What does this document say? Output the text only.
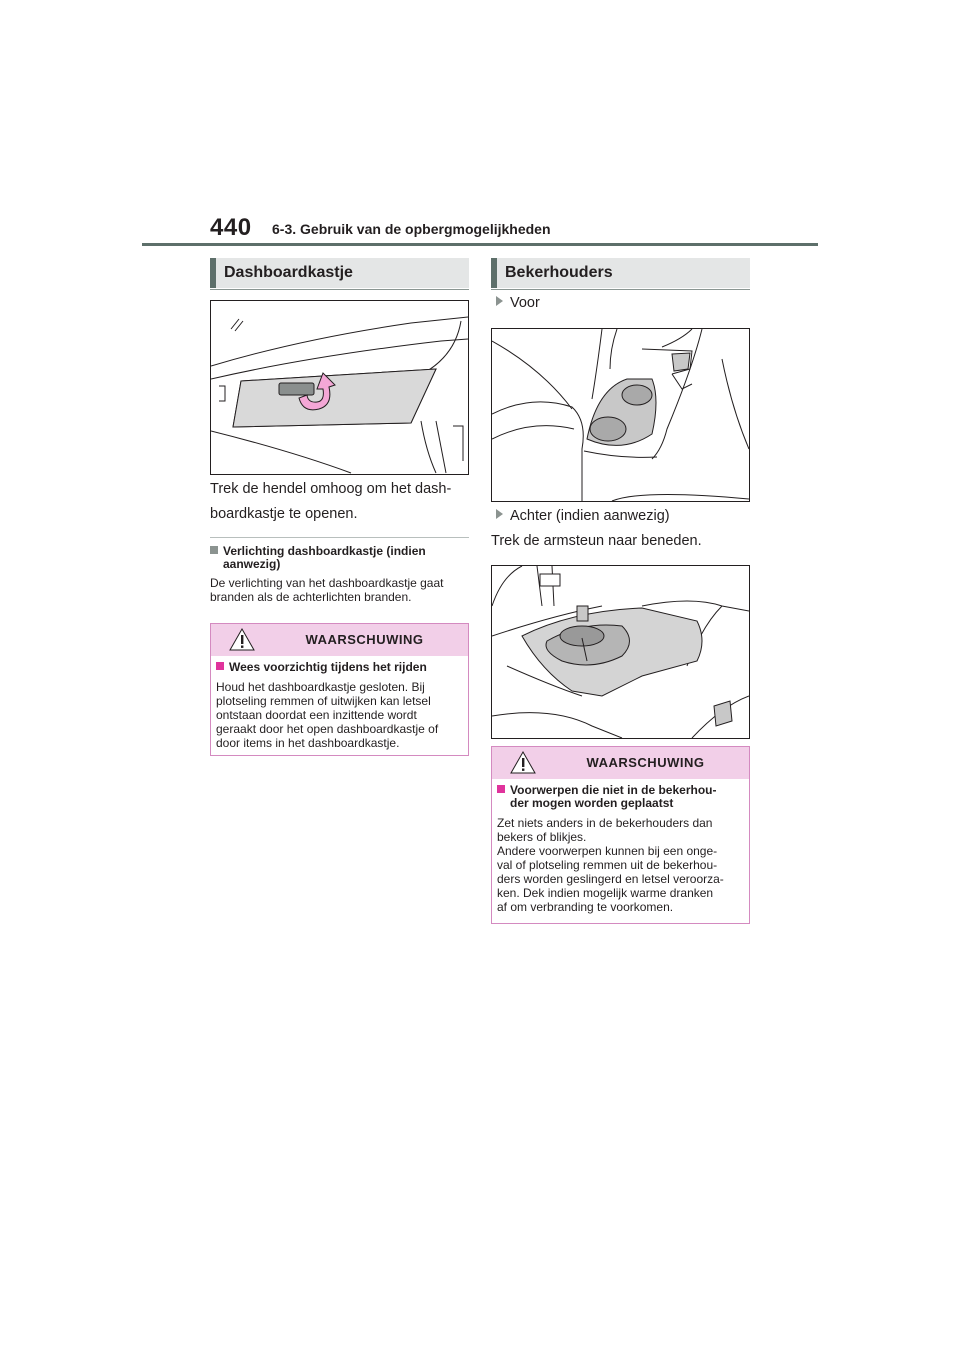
440 6-3. Gebruik van de opbergmogelijkheden
Dashboardkastje
Trek de hendel omhoog om het dash-
boardkastje te openen.
Verlichting dashboardkastje (indien
aanwezig)
De verlichting van het dashboardkastje gaat
branden als de achterlichten branden.
WAARSCHUWING
Wees voorzichtig tijdens het rijden
Houd het dashboardkastje gesloten. Bij
plotseling remmen of uitwijken kan letsel
ontstaan doordat een inzittende wordt
geraakt door het open dashboardkastje of
door items in het dashboardkastje.
Bekerhouders
Voor
Achter (indien aanwezig)
Trek de armsteun naar beneden.
WAARSCHUWING
Voorwerpen die niet in de bekerhou-
der mogen worden geplaatst
Zet niets anders in de bekerhouders dan
bekers of blikjes.
Andere voorwerpen kunnen bij een onge-
val of plotseling remmen uit de bekerhou-
ders worden geslingerd en letsel veroorza-
ken. Dek indien mogelijk warme dranken
af om verbranding te voorkomen.
